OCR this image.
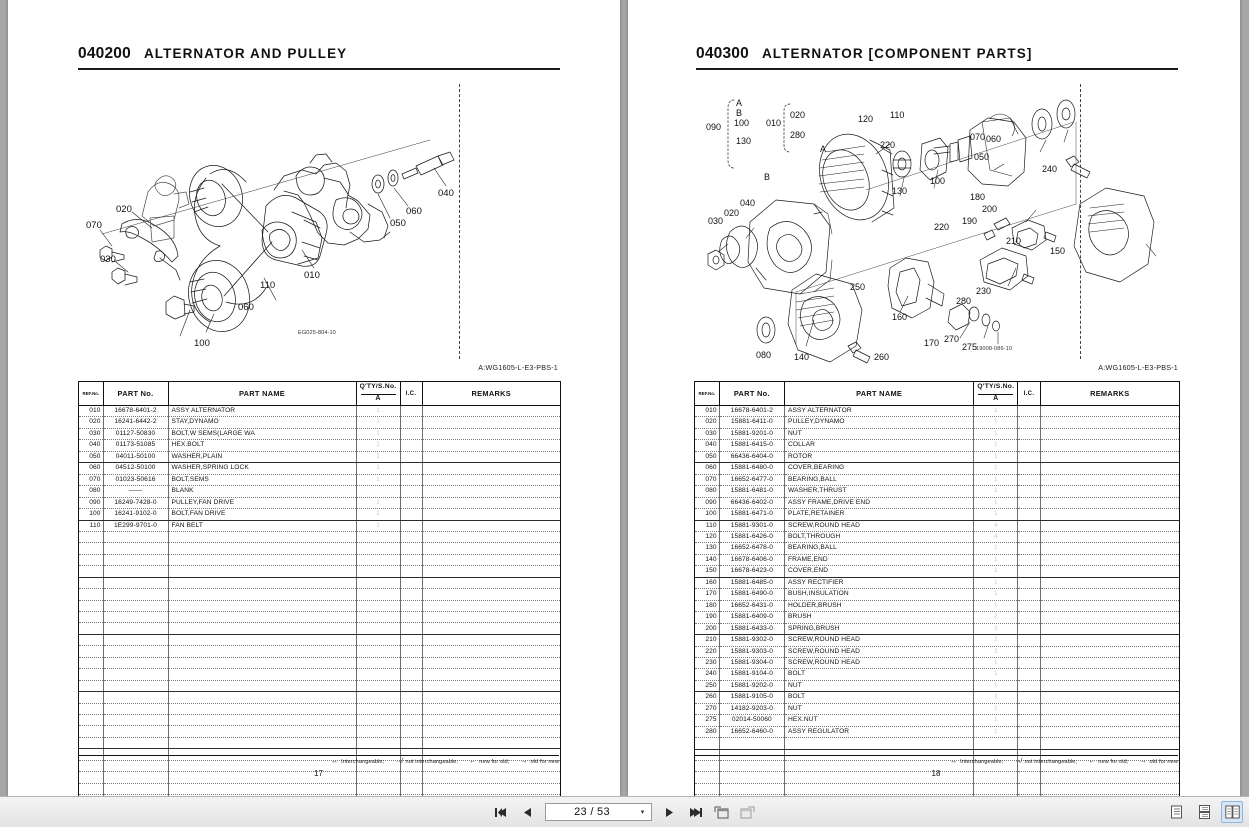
040200 ALTERNATOR AND PULLEY
070
020
030
010
110
060
100
050
060
040
EG025-804-10
A:WG1605-L-E3-PBS-1
REF.No.	PART No.	PART NAME	Q'TY/S.No.
A	I.C.	REMARKS
010	16678-6401-2	ASSY ALTERNATOR	1		
020	16241-6442-2	STAY,DYNAMO	1		
030	01127-50830	BOLT,W SEMS(LARGE WA	1		
040	01173-51085	HEX.BOLT	1		
050	04011-50100	WASHER,PLAIN	1		
060	04512-50100	WASHER,SPRING LOCK	1		
070	01023-50616	BOLT,SEMS	1		
080	——	BLANK			
090	16249-7428-0	PULLEY,FAN DRIVE	1		
100	16241-9102-0	BOLT,FAN DRIVE	1		
110	1E299-9701-0	FAN BELT	1		

↔ Interchangeable; ↛ not interchangeable; ← new for old; → old for new
17
040300 ALTERNATOR [COMPONENT PARTS]
090 100
A
B
130
010
020
280
120 110
220
060
070
050
100
130
A
B
040
020
030
240
180
200
190
220
210
150
250
160
230
280
170 270
275
080	140	260
19008-086-10
A:WG1605-L-E3-PBS-1
REF.No.	PART No.	PART NAME	Q'TY/S.No.
A	I.C.	REMARKS
010	16678-6401-2	ASSY ALTERNATOR	1		
020	15881-6411-0	PULLEY,DYNAMO	1		
030	15881-9201-0	NUT	1		
040	15881-6415-0	COLLAR	1		
050	66436-6404-0	ROTOR	1		
060	15881-6480-0	COVER,BEARING	1		
070	16652-6477-0	BEARING,BALL	1		
080	15881-6481-0	WASHER,THRUST	1		
090	66436-6402-0	ASSY FRAME,DRIVE END	1		
100	15881-6471-0	PLATE,RETAINER	1		
110	15881-9301-0	SCREW,ROUND HEAD	4		
120	15881-6426-0	BOLT,THROUGH	4		
130	16652-6478-0	BEARING,BALL	1		
140	16678-6406-0	FRAME,END	1		
150	16678-6423-0	COVER,END	1		
160	15881-6485-0	ASSY RECTIFIER	1		
170	15881-6490-0	BUSH,INSULATION	1		
180	16652-6431-0	HOLDER,BRUSH	1		
190	15881-6409-0	BRUSH	2		
200	15881-6433-0	SPRING,BRUSH	2		
210	15881-9302-0	SCREW,ROUND HEAD	2		
220	15881-9303-0	SCREW,ROUND HEAD	2		
230	15881-9304-0	SCREW,ROUND HEAD	1		
240	15881-9104-0	BOLT	1		
250	15881-9202-0	NUT	1		
260	15881-9105-0	BOLT	1		
270	14182-9203-0	NUT	1		
275	02014-50060	HEX.NUT	1		
280	16652-6460-0	ASSY REGULATOR	1		

↔ Interchangeable; ↛ not interchangeable; ← new for old; → old for new
18
23 / 53	▾
